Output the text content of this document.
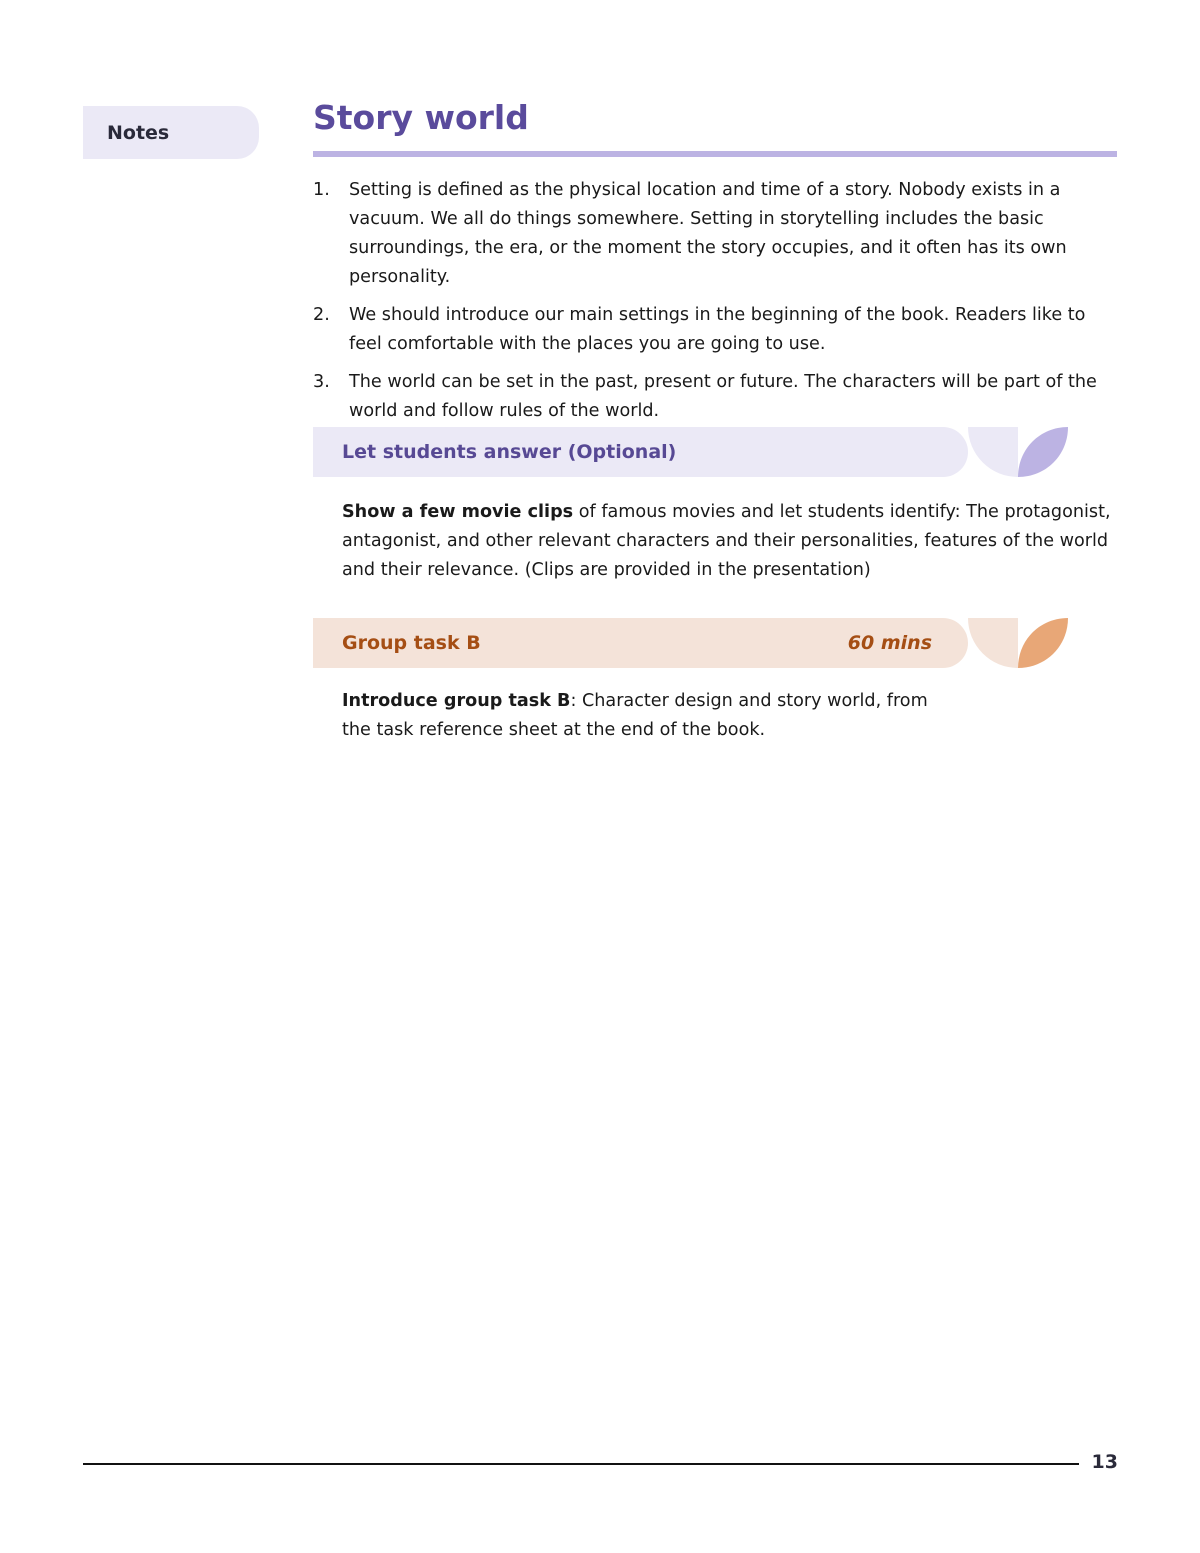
Notes	Story world
1. Setting is defined as the physical location and time of a story. Nobody exists in a vacuum. We all do things somewhere. Setting in storytelling includes the basic surroundings, the era, or the moment the story occupies, and it often has its own personality.
2. We should introduce our main settings in the beginning of the book. Readers like to feel comfortable with the places you are going to use.
3. The world can be set in the past, present or future. The characters will be part of the world and follow rules of the world.
Let students answer (Optional)

Show a few movie clips of famous movies and let students identify: The protagonist, antagonist, and other relevant characters and their personalities, features of the world and their relevance. (Clips are provided in the presentation)

Group task B	60 mins

Introduce group task B: Character design and story world, from the task reference sheet at the end of the book.

13
